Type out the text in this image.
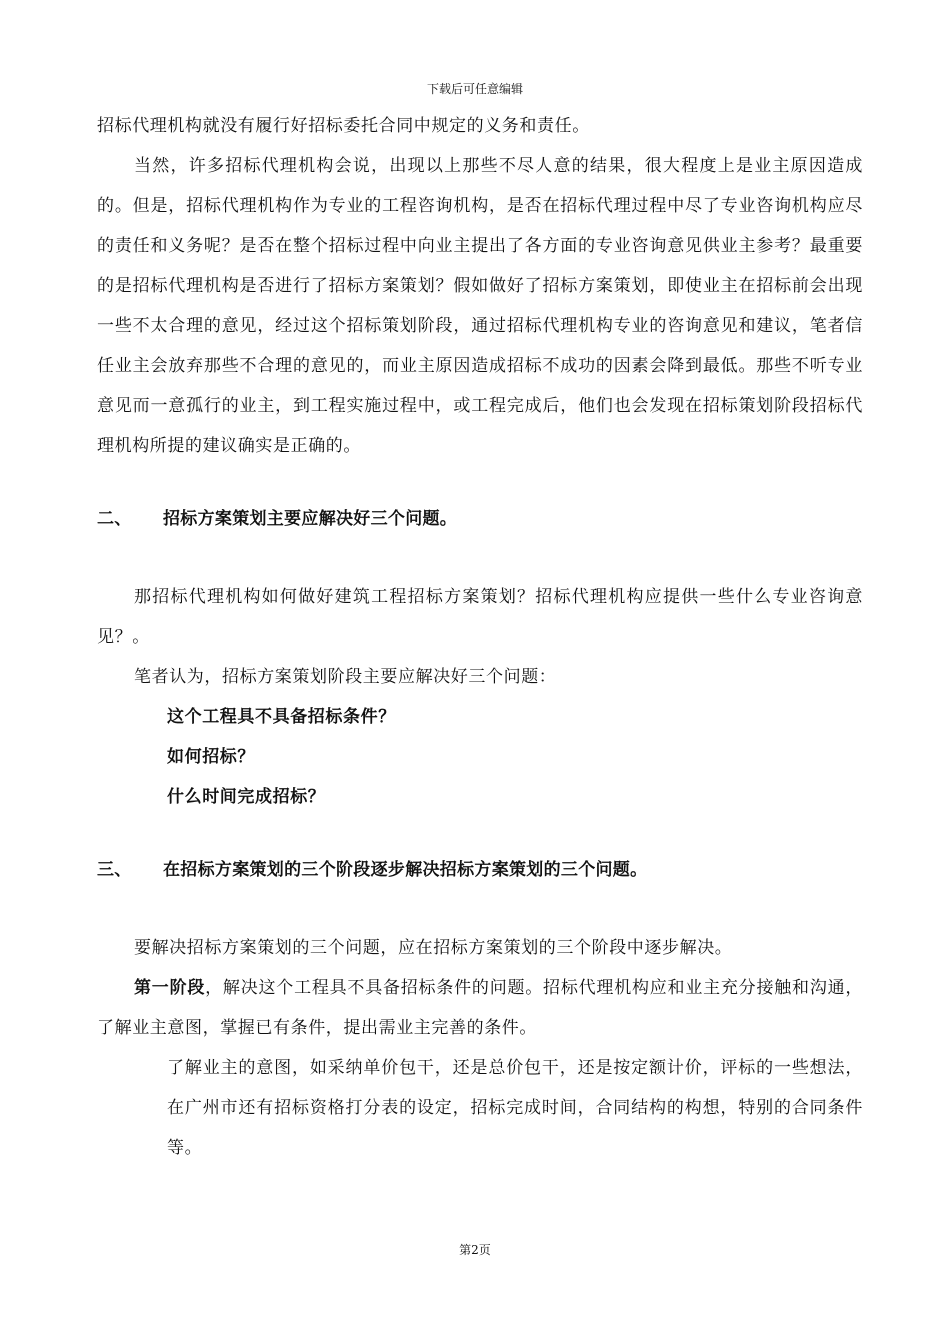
下载后可任意编辑

招标代理机构就没有履行好招标委托合同中规定的义务和责任。

当然，许多招标代理机构会说，出现以上那些不尽人意的结果，很大程度上是业主原因造成的。但是，招标代理机构作为专业的工程咨询机构，是否在招标代理过程中尽了专业咨询机构应尽的责任和义务呢？是否在整个招标过程中向业主提出了各方面的专业咨询意见供业主参考？最重要的是招标代理机构是否进行了招标方案策划？假如做好了招标方案策划，即使业主在招标前会出现一些不太合理的意见，经过这个招标策划阶段，通过招标代理机构专业的咨询意见和建议，笔者信任业主会放弃那些不合理的意见的，而业主原因造成招标不成功的因素会降到最低。那些不听专业意见而一意孤行的业主，到工程实施过程中，或工程完成后，他们也会发现在招标策划阶段招标代理机构所提的建议确实是正确的。

二、	招标方案策划主要应解决好三个问题。

那招标代理机构如何做好建筑工程招标方案策划？招标代理机构应提供一些什么专业咨询意见？。

笔者认为，招标方案策划阶段主要应解决好三个问题：

这个工程具不具备招标条件？
如何招标？
什么时间完成招标？
三、	在招标方案策划的三个阶段逐步解决招标方案策划的三个问题。

要解决招标方案策划的三个问题，应在招标方案策划的三个阶段中逐步解决。

第一阶段，解决这个工程具不具备招标条件的问题。招标代理机构应和业主充分接触和沟通，了解业主意图，掌握已有条件，提出需业主完善的条件。

了解业主的意图，如采纳单价包干，还是总价包干，还是按定额计价，评标的一些想法，在广州市还有招标资格打分表的设定，招标完成时间，合同结构的构想，特别的合同条件等。
第2页
